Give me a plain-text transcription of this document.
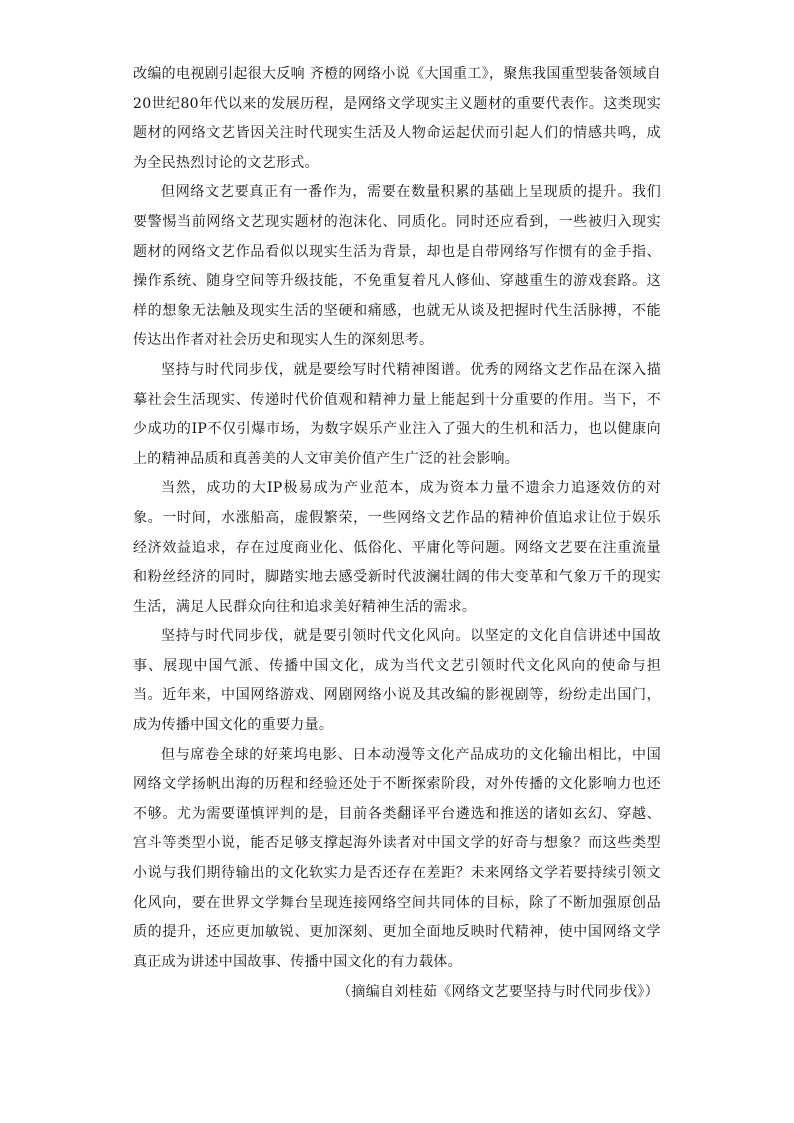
改编的电视剧引起很大反响 齐橙的网络小说《大国重工》，聚焦我国重型装备领域自20世纪80年代以来的发展历程，是网络文学现实主义题材的重要代表作。这类现实题材的网络文艺皆因关注时代现实生活及人物命运起伏而引起人们的情感共鸣，成为全民热烈讨论的文艺形式。

但网络文艺要真正有一番作为，需要在数量积累的基础上呈现质的提升。我们要警惕当前网络文艺现实题材的泡沫化、同质化。同时还应看到，一些被归入现实题材的网络文艺作品看似以现实生活为背景，却也是自带网络写作惯有的金手指、操作系统、随身空间等升级技能，不免重复着凡人修仙、穿越重生的游戏套路。这样的想象无法触及现实生活的坚硬和痛感，也就无从谈及把握时代生活脉搏，不能传达出作者对社会历史和现实人生的深刻思考。

坚持与时代同步伐，就是要绘写时代精神图谱。优秀的网络文艺作品在深入描摹社会生活现实、传递时代价值观和精神力量上能起到十分重要的作用。当下，不少成功的IP不仅引爆市场，为数字娱乐产业注入了强大的生机和活力，也以健康向上的精神品质和真善美的人文审美价值产生广泛的社会影响。

当然，成功的大IP极易成为产业范本，成为资本力量不遗余力追逐效仿的对象。一时间，水涨船高，虚假繁荣，一些网络文艺作品的精神价值追求让位于娱乐经济效益追求，存在过度商业化、低俗化、平庸化等问题。网络文艺要在注重流量和粉丝经济的同时，脚踏实地去感受新时代波澜壮阔的伟大变革和气象万千的现实生活，满足人民群众向往和追求美好精神生活的需求。

坚持与时代同步伐，就是要引领时代文化风向。以坚定的文化自信讲述中国故事、展现中国气派、传播中国文化，成为当代文艺引领时代文化风向的使命与担当。近年来，中国网络游戏、网剧网络小说及其改编的影视剧等，纷纷走出国门，成为传播中国文化的重要力量。

但与席卷全球的好莱坞电影、日本动漫等文化产品成功的文化输出相比，中国网络文学扬帆出海的历程和经验还处于不断探索阶段，对外传播的文化影响力也还不够。尤为需要谨慎评判的是，目前各类翻译平台遴选和推送的诸如玄幻、穿越、宫斗等类型小说，能否足够支撑起海外读者对中国文学的好奇与想象？而这些类型小说与我们期待输出的文化软实力是否还存在差距？未来网络文学若要持续引领文化风向，要在世界文学舞台呈现连接网络空间共同体的目标，除了不断加强原创品质的提升，还应更加敏锐、更加深刻、更加全面地反映时代精神，使中国网络文学真正成为讲述中国故事、传播中国文化的有力载体。

（摘编自刘桂茹《网络文艺要坚持与时代同步伐》）
